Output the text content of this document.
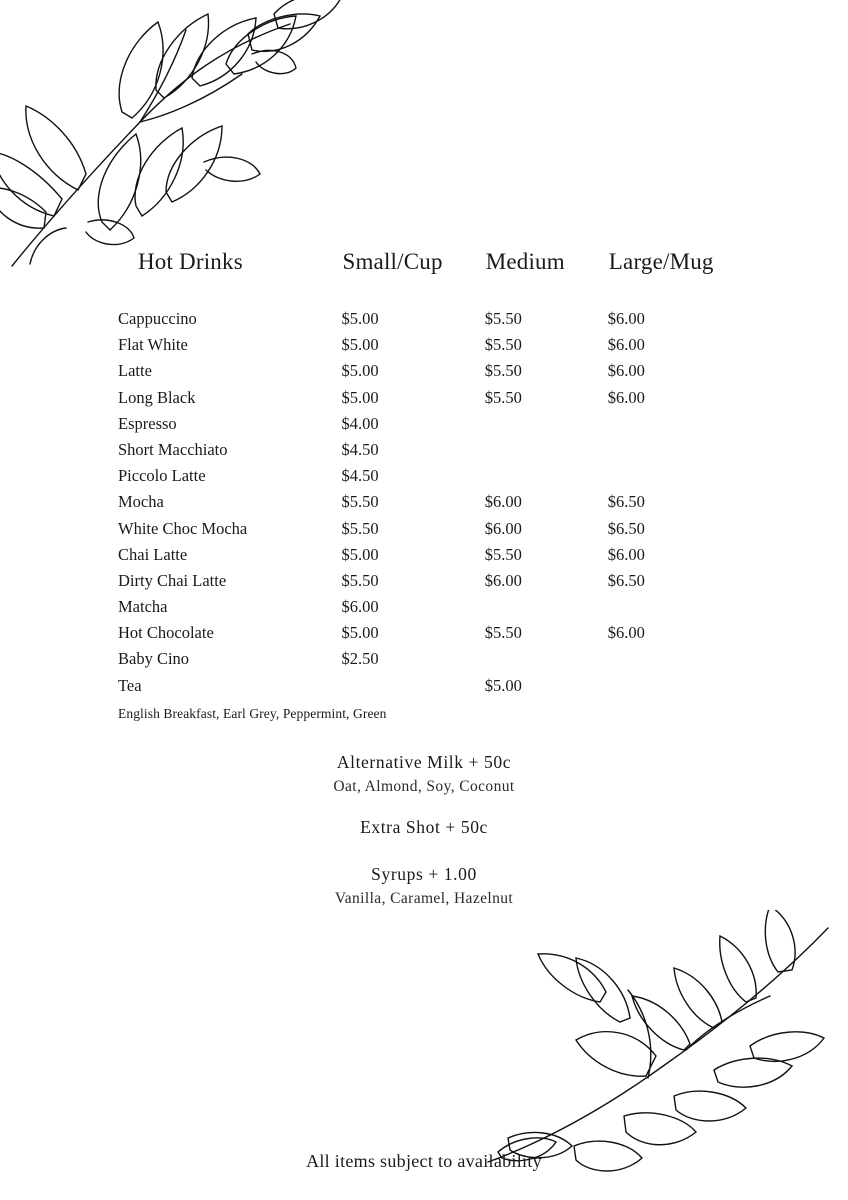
Hot Drinks	Small/Cup	Medium	Large/Mug
Cappuccino	$5.00	$5.50	$6.00
Flat White	$5.00	$5.50	$6.00
Latte	$5.00	$5.50	$6.00
Long Black	$5.00	$5.50	$6.00
Espresso	$4.00		
Short Macchiato	$4.50		
Piccolo Latte	$4.50		
Mocha	$5.50	$6.00	$6.50
White Choc Mocha	$5.50	$6.00	$6.50
Chai Latte	$5.00	$5.50	$6.00
Dirty Chai Latte	$5.50	$6.00	$6.50
Matcha	$6.00		
Hot Chocolate	$5.00	$5.50	$6.00
Baby Cino	$2.50		
Tea		$5.00	
English Breakfast, Earl Grey, Peppermint, Green			
Alternative Milk + 50c
Oat, Almond, Soy, Coconut
Extra Shot + 50c
Syrups + 1.00
Vanilla, Caramel, Hazelnut
All items subject to availability
